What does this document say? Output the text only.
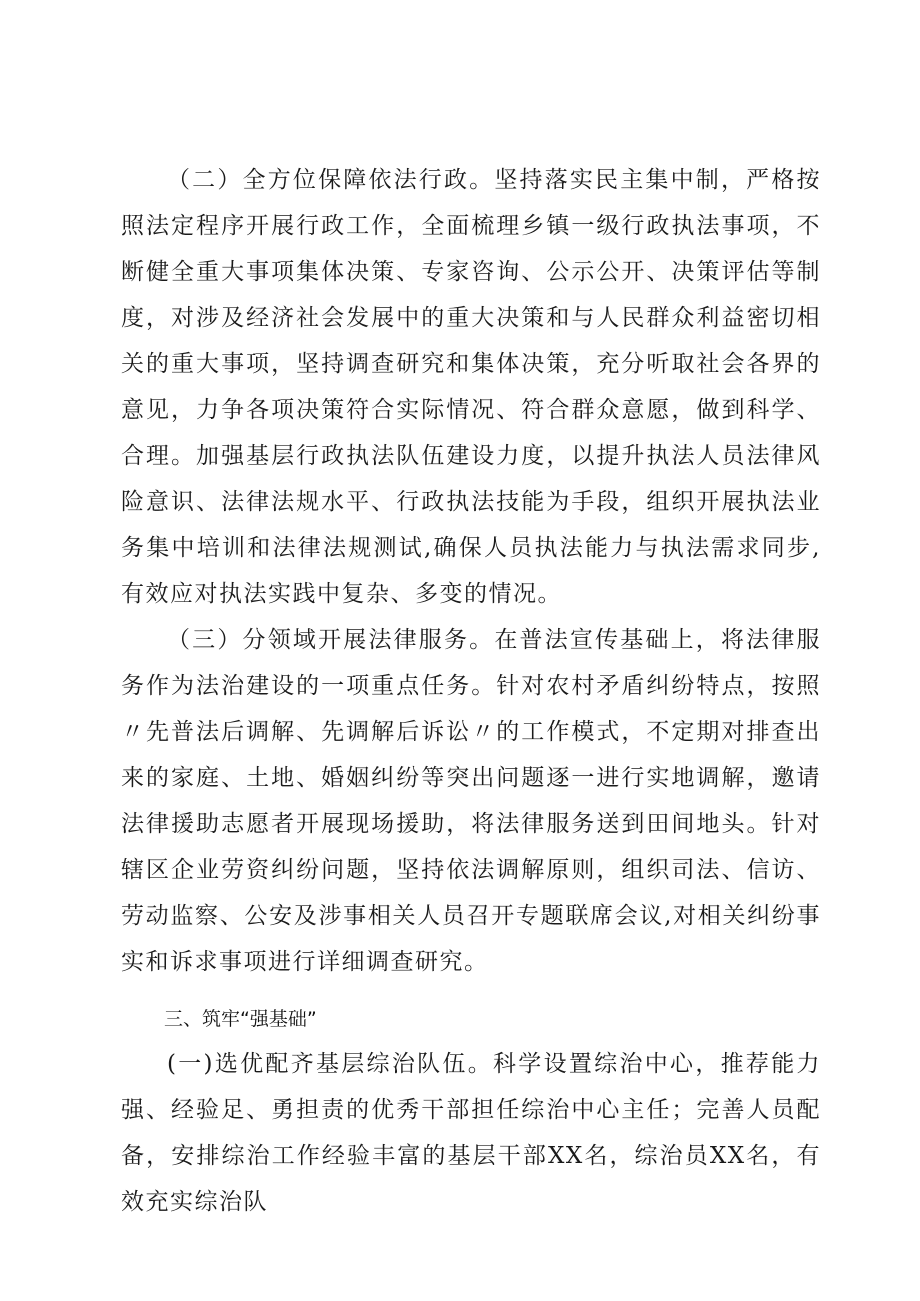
（二）全方位保障依法行政。坚持落实民主集中制，严格按照法定程序开展行政工作，全面梳理乡镇一级行政执法事项，不断健全重大事项集体决策、专家咨询、公示公开、决策评估等制度，对涉及经济社会发展中的重大决策和与人民群众利益密切相关的重大事项，坚持调查研究和集体决策，充分听取社会各界的意见，力争各项决策符合实际情况、符合群众意愿，做到科学、合理。加强基层行政执法队伍建设力度，以提升执法人员法律风险意识、法律法规水平、行政执法技能为手段，组织开展执法业务集中培训和法律法规测试,确保人员执法能力与执法需求同步,有效应对执法实践中复杂、多变的情况。

（三）分领域开展法律服务。在普法宣传基础上，将法律服务作为法治建设的一项重点任务。针对农村矛盾纠纷特点，按照〃先普法后调解、先调解后诉讼〃的工作模式，不定期对排查出来的家庭、土地、婚姻纠纷等突出问题逐一进行实地调解，邀请法律援助志愿者开展现场援助，将法律服务送到田间地头。针对辖区企业劳资纠纷问题，坚持依法调解原则，组织司法、信访、劳动监察、公安及涉事相关人员召开专题联席会议,对相关纠纷事实和诉求事项进行详细调查研究。

三、筑牢“强基础”

(一)选优配齐基层综治队伍。科学设置综治中心，推荐能力强、经验足、勇担责的优秀干部担任综治中心主任；完善人员配备，安排综治工作经验丰富的基层干部XX名，综治员XX名，有效充实综治队
